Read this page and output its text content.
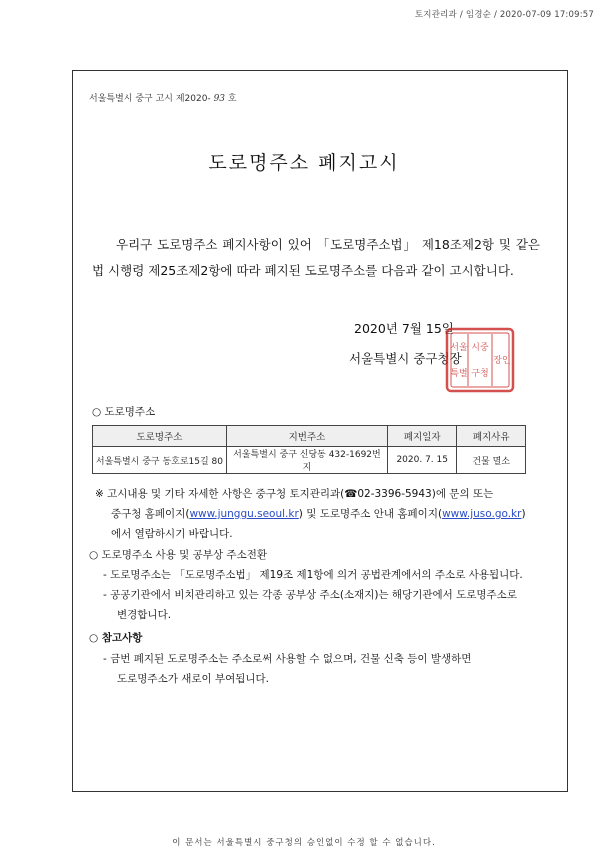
토지관리과 / 임경순 / 2020-07-09 17:09:57
서울특별시 중구 고시 제2020- 93 호
도로명주소 폐지고시
우리구 도로명주소 폐지사항이 있어 「도로명주소법」 제18조제2항 및 같은 법 시행령 제25조제2항에 따라 폐지된 도로명주소를 다음과 같이 고시합니다.
2020년 7월 15일
서울특별시 중구청장
서울
특별
시중
구청
장인
○ 도로명주소
도로명주소	지번주소	폐지일자	폐지사유
서울특별시 중구 동호로15길 80	서울특별시 중구 신당동 432-1692번지	2020. 7. 15	건물 멸소
※ 고시내용 및 기타 자세한 사항은 중구청 토지관리과(☎02-3396-5943)에 문의 또는
중구청 홈페이지(www.junggu.seoul.kr) 및 도로명주소 안내 홈페이지(www.juso.go.kr)
에서 열람하시기 바랍니다.
○ 도로명주소 사용 및 공부상 주소전환
- 도로명주소는 「도로명주소법」 제19조 제1항에 의거 공법관계에서의 주소로 사용됩니다.
- 공공기관에서 비치관리하고 있는 각종 공부상 주소(소재지)는 해당기관에서 도로명주소로
변경합니다.
○ 참고사항
- 금번 폐지된 도로명주소는 주소로써 사용할 수 없으며, 건물 신축 등이 발생하면
도로명주소가 새로이 부여됩니다.
이 문서는 서울특별시 중구청의 승인없이 수정 할 수 없습니다.
